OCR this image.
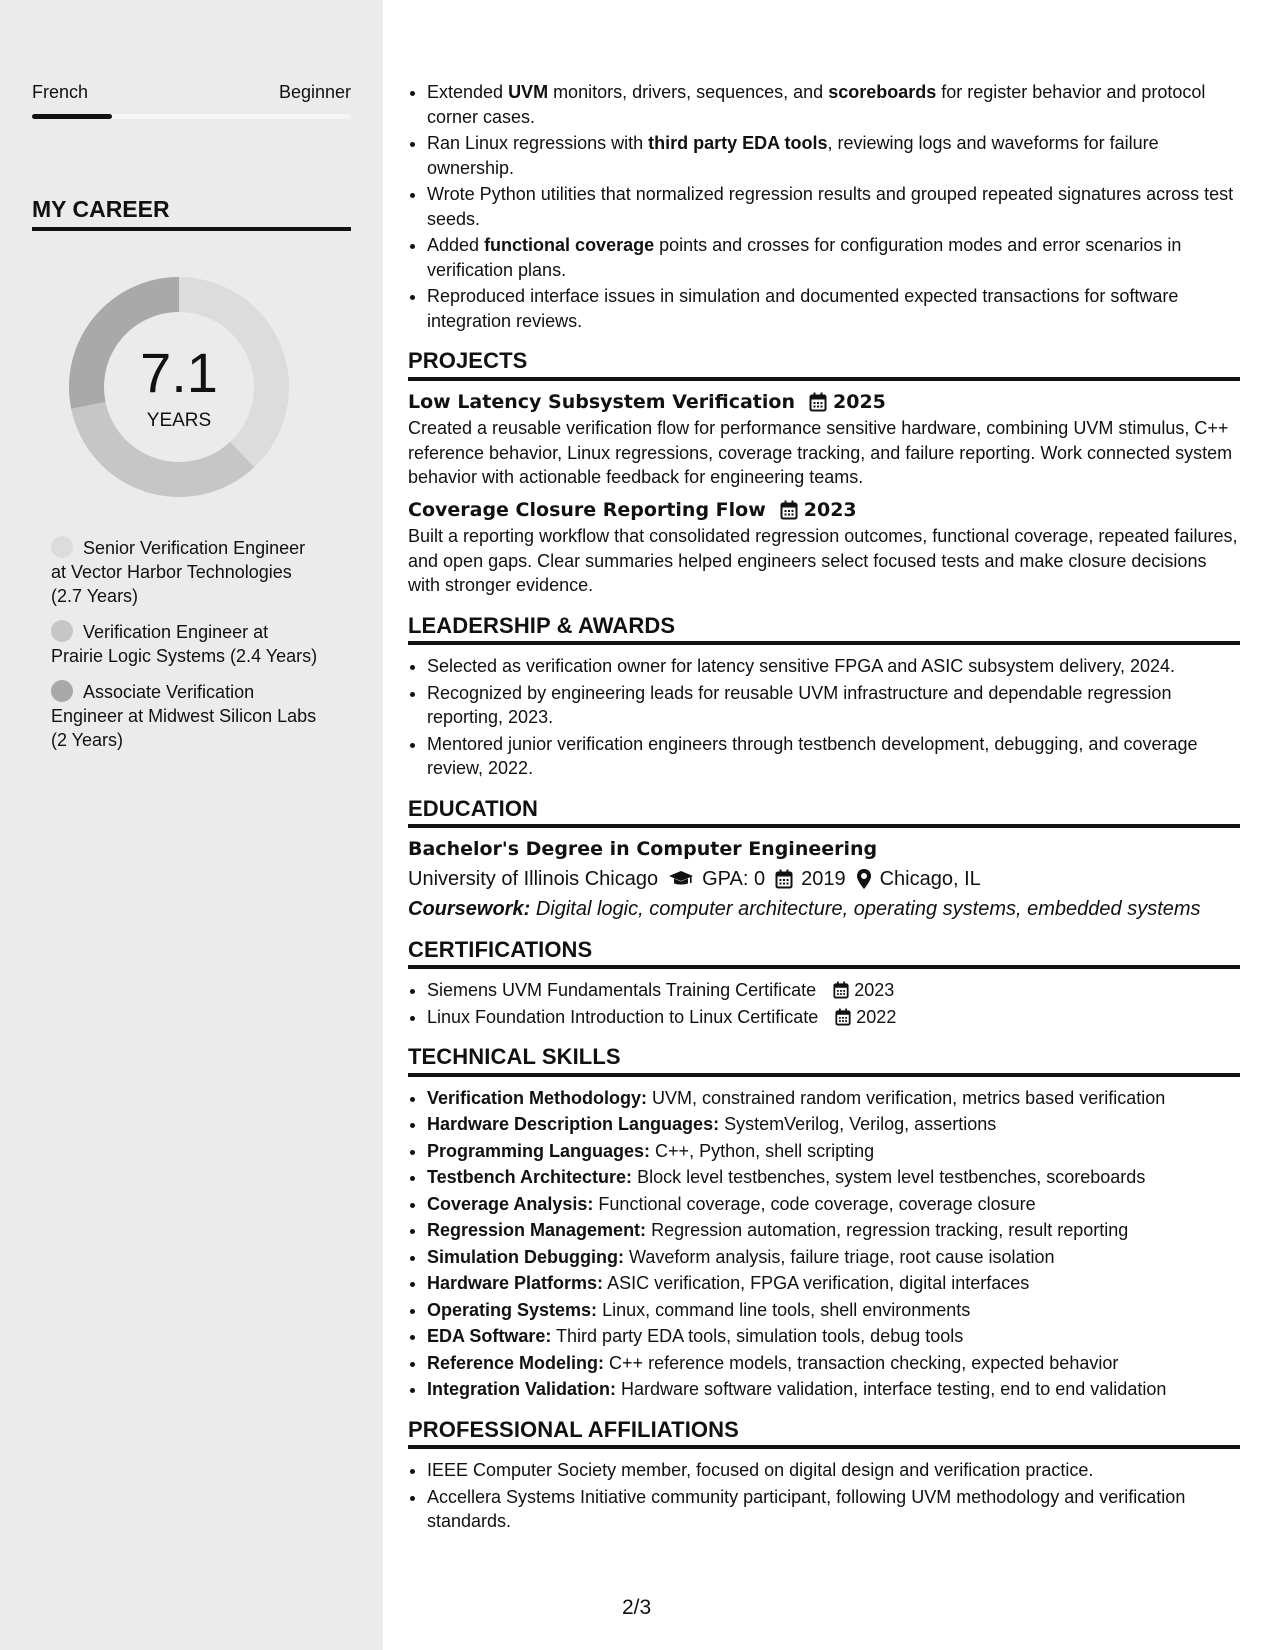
French	Beginner
MY CAREER
7.1
YEARS
Senior Verification Engineer at Vector Harbor Technologies (2.7 Years)
Verification Engineer at Prairie Logic Systems (2.4 Years)
Associate Verification Engineer at Midwest Silicon Labs (2 Years)
• Extended UVM monitors, drivers, sequences, and scoreboards for register behavior and protocol corner cases.
• Ran Linux regressions with third party EDA tools, reviewing logs and waveforms for failure ownership.
• Wrote Python utilities that normalized regression results and grouped repeated signatures across test seeds.
• Added functional coverage points and crosses for configuration modes and error scenarios in verification plans.
• Reproduced interface issues in simulation and documented expected transactions for software integration reviews.
PROJECTS
Low Latency Subsystem Verification 2025
Created a reusable verification flow for performance sensitive hardware, combining UVM stimulus, C++ reference behavior, Linux regressions, coverage tracking, and failure reporting. Work connected system behavior with actionable feedback for engineering teams.
Coverage Closure Reporting Flow 2023
Built a reporting workflow that consolidated regression outcomes, functional coverage, repeated failures, and open gaps. Clear summaries helped engineers select focused tests and make closure decisions with stronger evidence.
LEADERSHIP & AWARDS
• Selected as verification owner for latency sensitive FPGA and ASIC subsystem delivery, 2024.
• Recognized by engineering leads for reusable UVM infrastructure and dependable regression reporting, 2023.
• Mentored junior verification engineers through testbench development, debugging, and coverage review, 2022.
EDUCATION
Bachelor's Degree in Computer Engineering
University of Illinois Chicago GPA: 0 2019 Chicago, IL
Coursework: Digital logic, computer architecture, operating systems, embedded systems
CERTIFICATIONS
• Siemens UVM Fundamentals Training Certificate 2023
• Linux Foundation Introduction to Linux Certificate 2022
TECHNICAL SKILLS
• Verification Methodology: UVM, constrained random verification, metrics based verification
• Hardware Description Languages: SystemVerilog, Verilog, assertions
• Programming Languages: C++, Python, shell scripting
• Testbench Architecture: Block level testbenches, system level testbenches, scoreboards
• Coverage Analysis: Functional coverage, code coverage, coverage closure
• Regression Management: Regression automation, regression tracking, result reporting
• Simulation Debugging: Waveform analysis, failure triage, root cause isolation
• Hardware Platforms: ASIC verification, FPGA verification, digital interfaces
• Operating Systems: Linux, command line tools, shell environments
• EDA Software: Third party EDA tools, simulation tools, debug tools
• Reference Modeling: C++ reference models, transaction checking, expected behavior
• Integration Validation: Hardware software validation, interface testing, end to end validation
PROFESSIONAL AFFILIATIONS
• IEEE Computer Society member, focused on digital design and verification practice.
• Accellera Systems Initiative community participant, following UVM methodology and verification standards.
2/3
